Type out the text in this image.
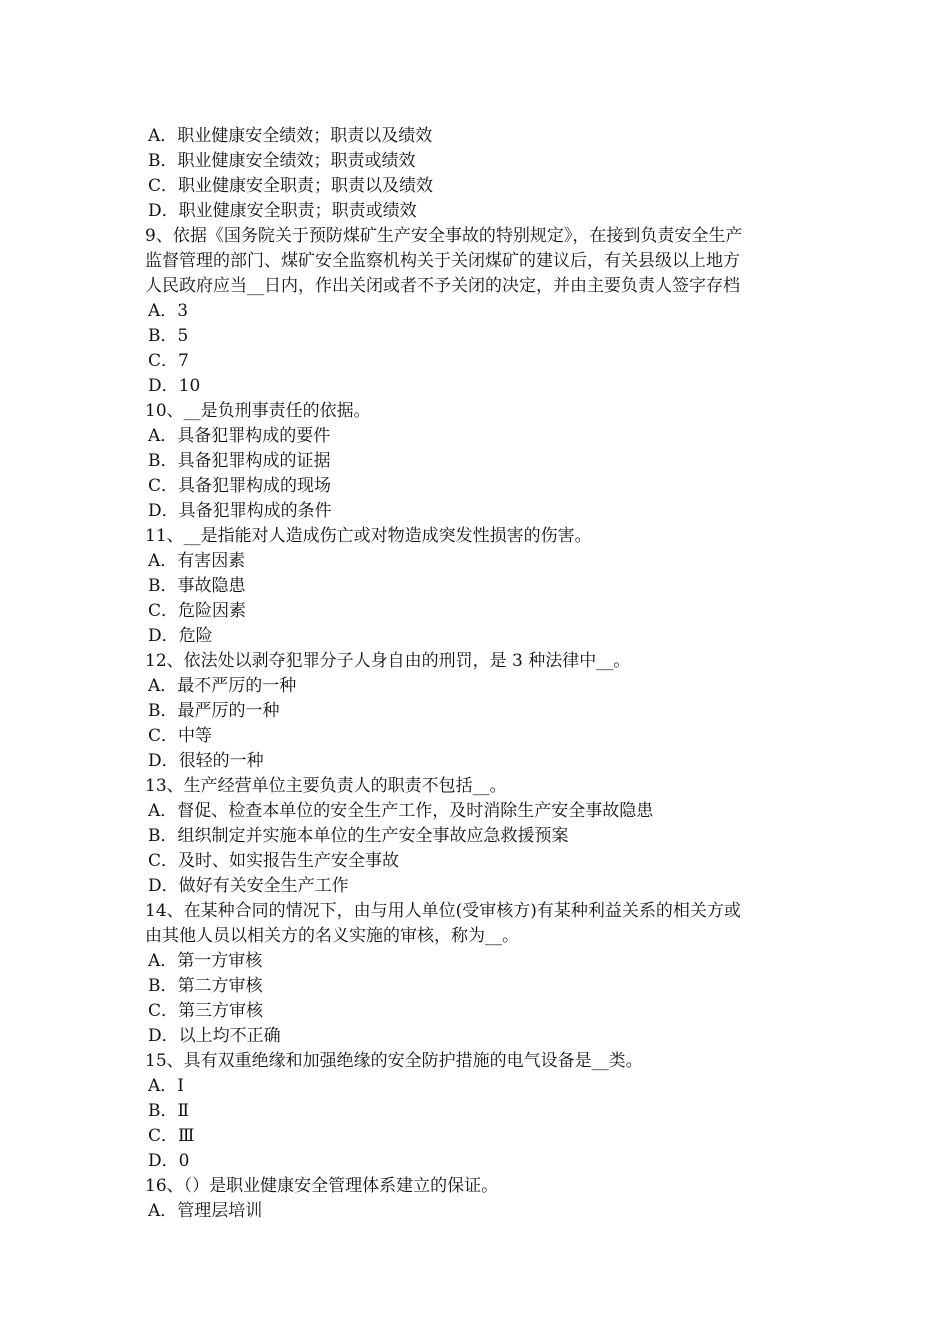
A．职业健康安全绩效；职责以及绩效
B．职业健康安全绩效；职责或绩效
C．职业健康安全职责；职责以及绩效
D．职业健康安全职责；职责或绩效
9、依据《国务院关于预防煤矿生产安全事故的特别规定》，在接到负责安全生产
监督管理的部门、煤矿安全监察机构关于关闭煤矿的建议后，有关县级以上地方
人民政府应当__日内，作出关闭或者不予关闭的决定，并由主要负责人签字存档
A．3
B．5
C．7
D．10
10、__是负刑事责任的依据。
A．具备犯罪构成的要件
B．具备犯罪构成的证据
C．具备犯罪构成的现场
D．具备犯罪构成的条件
11、__是指能对人造成伤亡或对物造成突发性损害的伤害。
A．有害因素
B．事故隐患
C．危险因素
D．危险
12、依法处以剥夺犯罪分子人身自由的刑罚，是 3 种法律中__。
A．最不严厉的一种
B．最严厉的一种
C．中等
D．很轻的一种
13、生产经营单位主要负责人的职责不包括__。
A．督促、检查本单位的安全生产工作，及时消除生产安全事故隐患
B．组织制定并实施本单位的生产安全事故应急救援预案
C．及时、如实报告生产安全事故
D．做好有关安全生产工作
14、在某种合同的情况下，由与用人单位(受审核方)有某种利益关系的相关方或
由其他人员以相关方的名义实施的审核，称为__。
A．第一方审核
B．第二方审核
C．第三方审核
D．以上均不正确
15、具有双重绝缘和加强绝缘的安全防护措施的电气设备是__类。
A．Ⅰ
B．Ⅱ
C．Ⅲ
D．0
16、（）是职业健康安全管理体系建立的保证。
A．管理层培训
